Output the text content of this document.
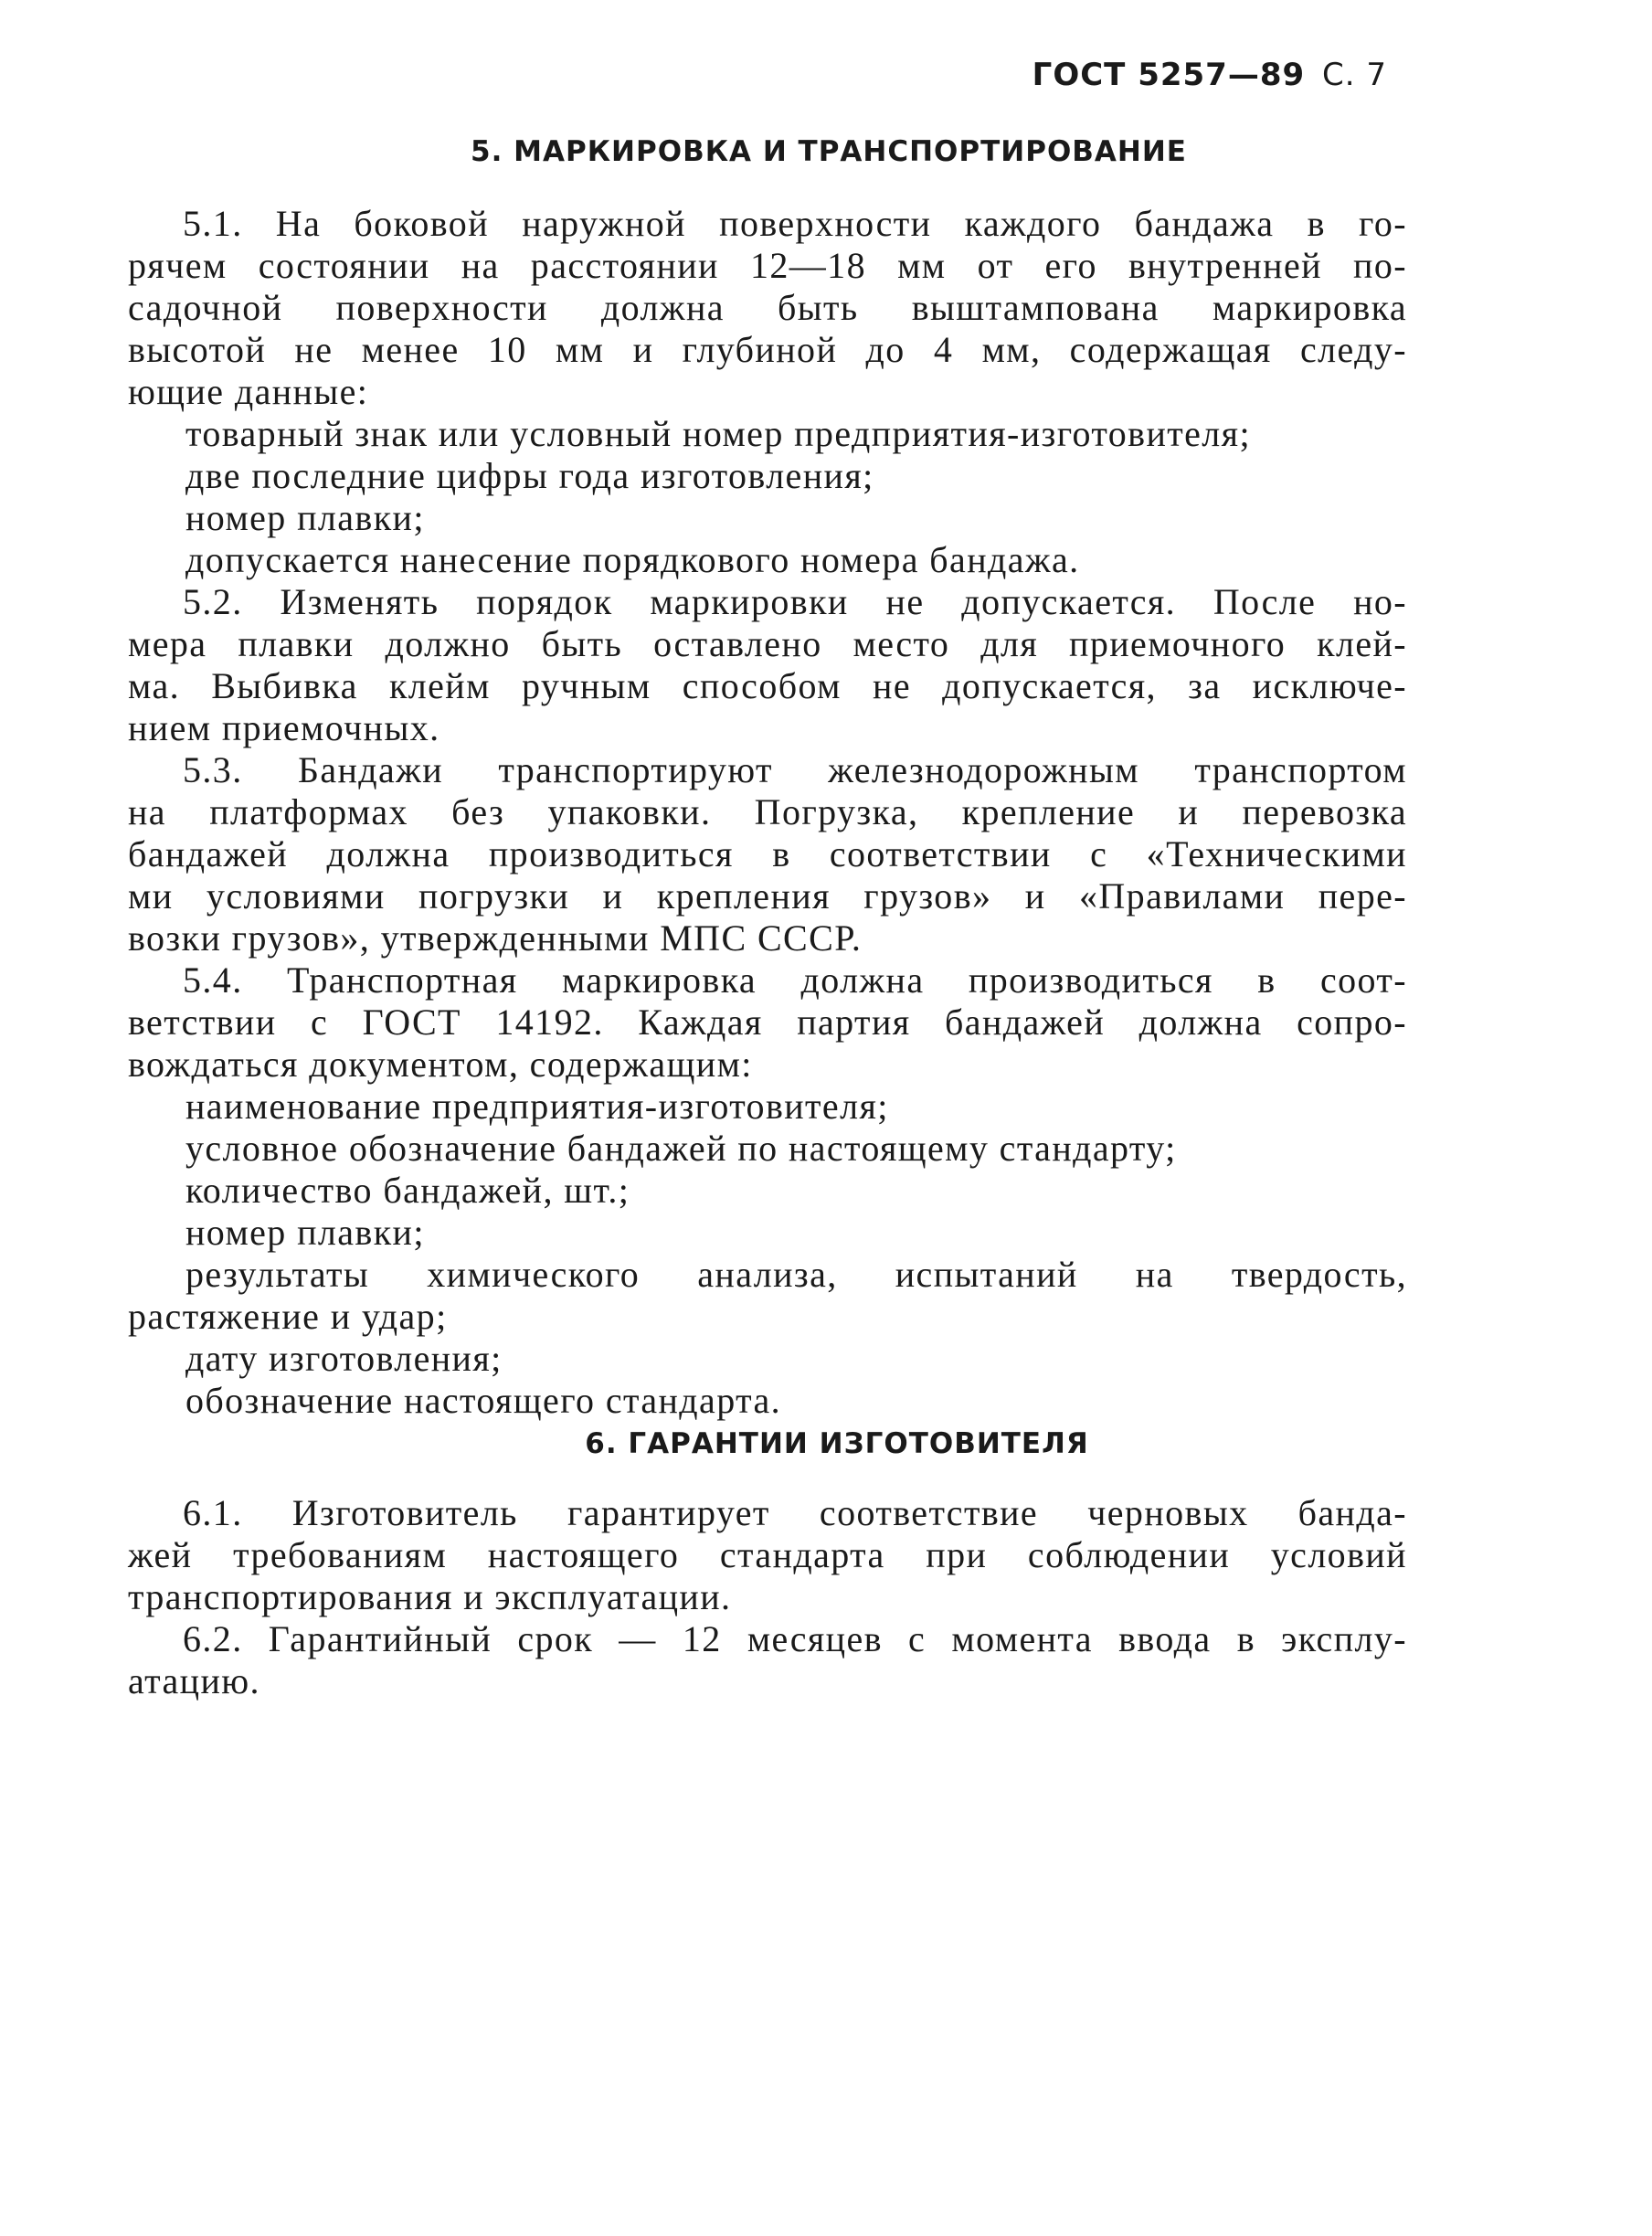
ГОСТ 5257—89 С. 7
5. МАРКИРОВКА И ТРАНСПОРТИРОВАНИЕ
5.1. На боковой наружной поверхности каждого бандажа в го-
рячем состоянии на расстоянии 12—18 мм от его внутренней по-
садочной поверхности должна быть выштампована маркировка
высотой не менее 10 мм и глубиной до 4 мм, содержащая следу-
ющие данные:
товарный знак или условный номер предприятия-изготовителя;
две последние цифры года изготовления;
номер плавки;
допускается нанесение порядкового номера бандажа.
5.2. Изменять порядок маркировки не допускается. После но-
мера плавки должно быть оставлено место для приемочного клей-
ма. Выбивка клейм ручным способом не допускается, за исключе-
нием приемочных.
5.3. Бандажи транспортируют железнодорожным транспортом
на платформах без упаковки. Погрузка, крепление и перевозка
бандажей должна производиться в соответствии с «Техническими
ми условиями погрузки и крепления грузов» и «Правилами пере-
возки грузов», утвержденными МПС СССР.
5.4. Транспортная маркировка должна производиться в соот-
ветствии с ГОСТ 14192. Каждая партия бандажей должна сопро-
вождаться документом, содержащим:
наименование предприятия-изготовителя;
условное обозначение бандажей по настоящему стандарту;
количество бандажей, шт.;
номер плавки;
результаты химического анализа, испытаний на твердость,
растяжение и удар;
дату изготовления;
обозначение настоящего стандарта.
6. ГАРАНТИИ ИЗГОТОВИТЕЛЯ
6.1. Изготовитель гарантирует соответствие черновых банда-
жей требованиям настоящего стандарта при соблюдении условий
транспортирования и эксплуатации.
6.2. Гарантийный срок — 12 месяцев с момента ввода в эксплу-
атацию.
